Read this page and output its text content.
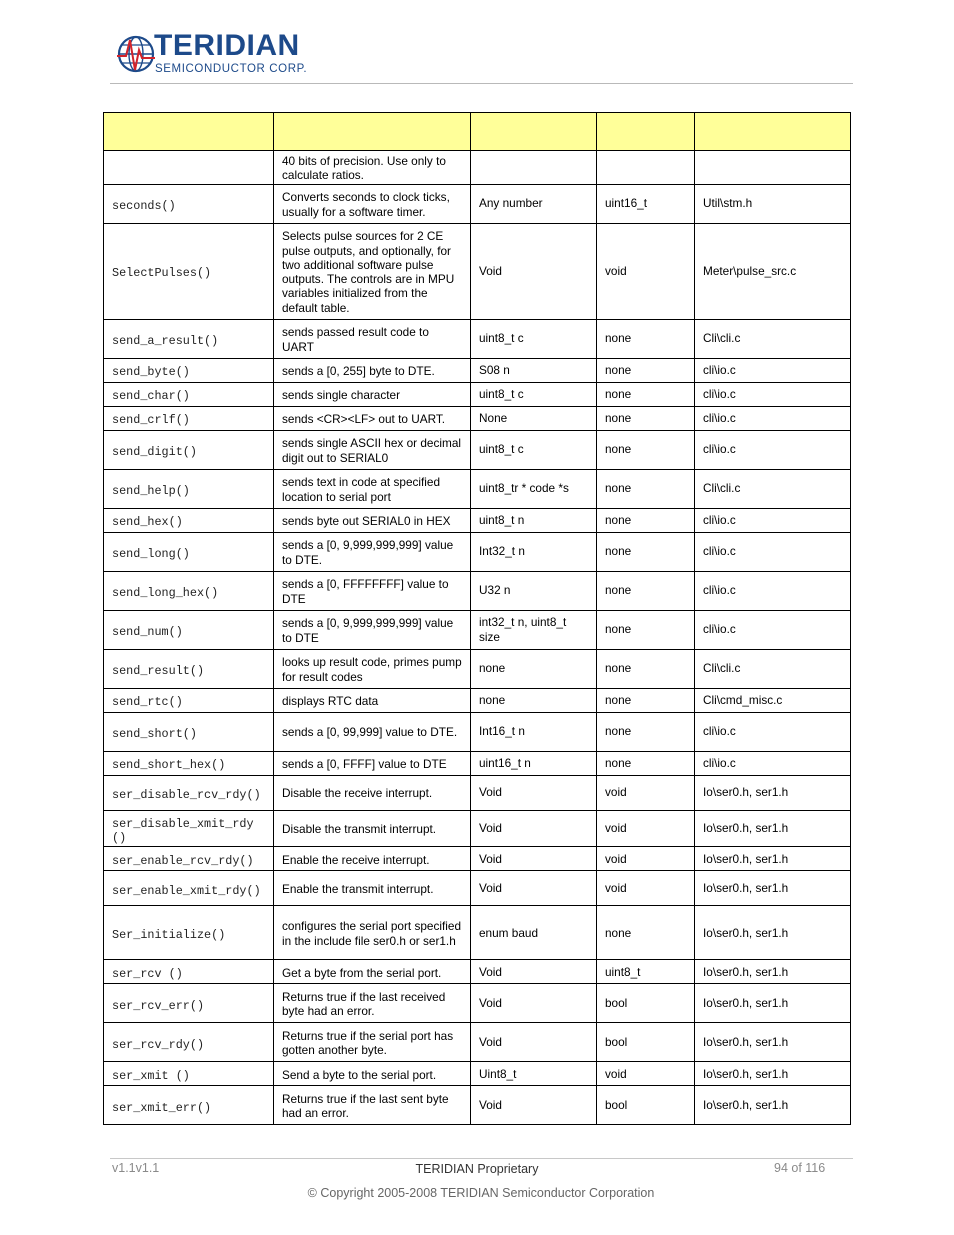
TERIDIAN
SEMICONDUCTOR CORP.

	40 bits of precision. Use only to calculate ratios.			

seconds()	Converts seconds to clock ticks, usually for a software timer.	Any number	uint16_t	Util\stm.h

SelectPulses()	Selects pulse sources for 2 CE pulse outputs, and optionally, for two additional software pulse outputs. The controls are in MPU variables initialized from the default table.	Void	void	Meter\pulse_src.c

send_a_result()	sends passed result code to UART	uint8_t c	none	Cli\cli.c

send_byte()	sends a [0, 255] byte to DTE.	S08 n	none	cli\io.c

send_char()	sends single character	uint8_t c	none	cli\io.c

send_crlf()	sends <CR><LF> out to UART.	None	none	cli\io.c

send_digit()	sends single ASCII hex or decimal digit out to SERIAL0	uint8_t c	none	cli\io.c

send_help()	sends text in code at specified location to serial port	uint8_tr * code *s	none	Cli\cli.c

send_hex()	sends byte out SERIAL0 in HEX	uint8_t n	none	cli\io.c

send_long()	sends a [0, 9,999,999,999] value to DTE.	Int32_t n	none	cli\io.c

send_long_hex()	sends a [0, FFFFFFFF] value to DTE	U32 n	none	cli\io.c

send_num()	sends a [0, 9,999,999,999] value to DTE	int32_t n, uint8_t size	none	cli\io.c

send_result()	looks up result code, primes pump for result codes	none	none	Cli\cli.c

send_rtc()	displays RTC data	none	none	Cli\cmd_misc.c

send_short()	sends a [0, 99,999] value to DTE.	Int16_t n	none	cli\io.c

send_short_hex()	sends a [0, FFFF] value to DTE	uint16_t n	none	cli\io.c

ser_disable_rcv_rdy()	Disable the receive interrupt.	Void	void	Io\ser0.h, ser1.h

ser_disable_xmit_rdy()	Disable the transmit interrupt.	Void	void	Io\ser0.h, ser1.h

ser_enable_rcv_rdy()	Enable the receive interrupt.	Void	void	Io\ser0.h, ser1.h

ser_enable_xmit_rdy()	Enable the transmit interrupt.	Void	void	Io\ser0.h, ser1.h

Ser_initialize()	configures the serial port specified in the include file ser0.h or ser1.h	enum baud	none	Io\ser0.h, ser1.h

ser_rcv ()	Get a byte from the serial port.	Void	uint8_t	Io\ser0.h, ser1.h

ser_rcv_err()	Returns true if the last received byte had an error.	Void	bool	Io\ser0.h, ser1.h

ser_rcv_rdy()	Returns true if the serial port has gotten another byte.	Void	bool	Io\ser0.h, ser1.h

ser_xmit ()	Send a byte to the serial port.	Uint8_t	void	Io\ser0.h, ser1.h

ser_xmit_err()	Returns true if the last sent byte had an error.	Void	bool	Io\ser0.h, ser1.h
v1.1v1.1	TERIDIAN Proprietary	94 of 116
© Copyright 2005-2008 TERIDIAN Semiconductor Corporation
